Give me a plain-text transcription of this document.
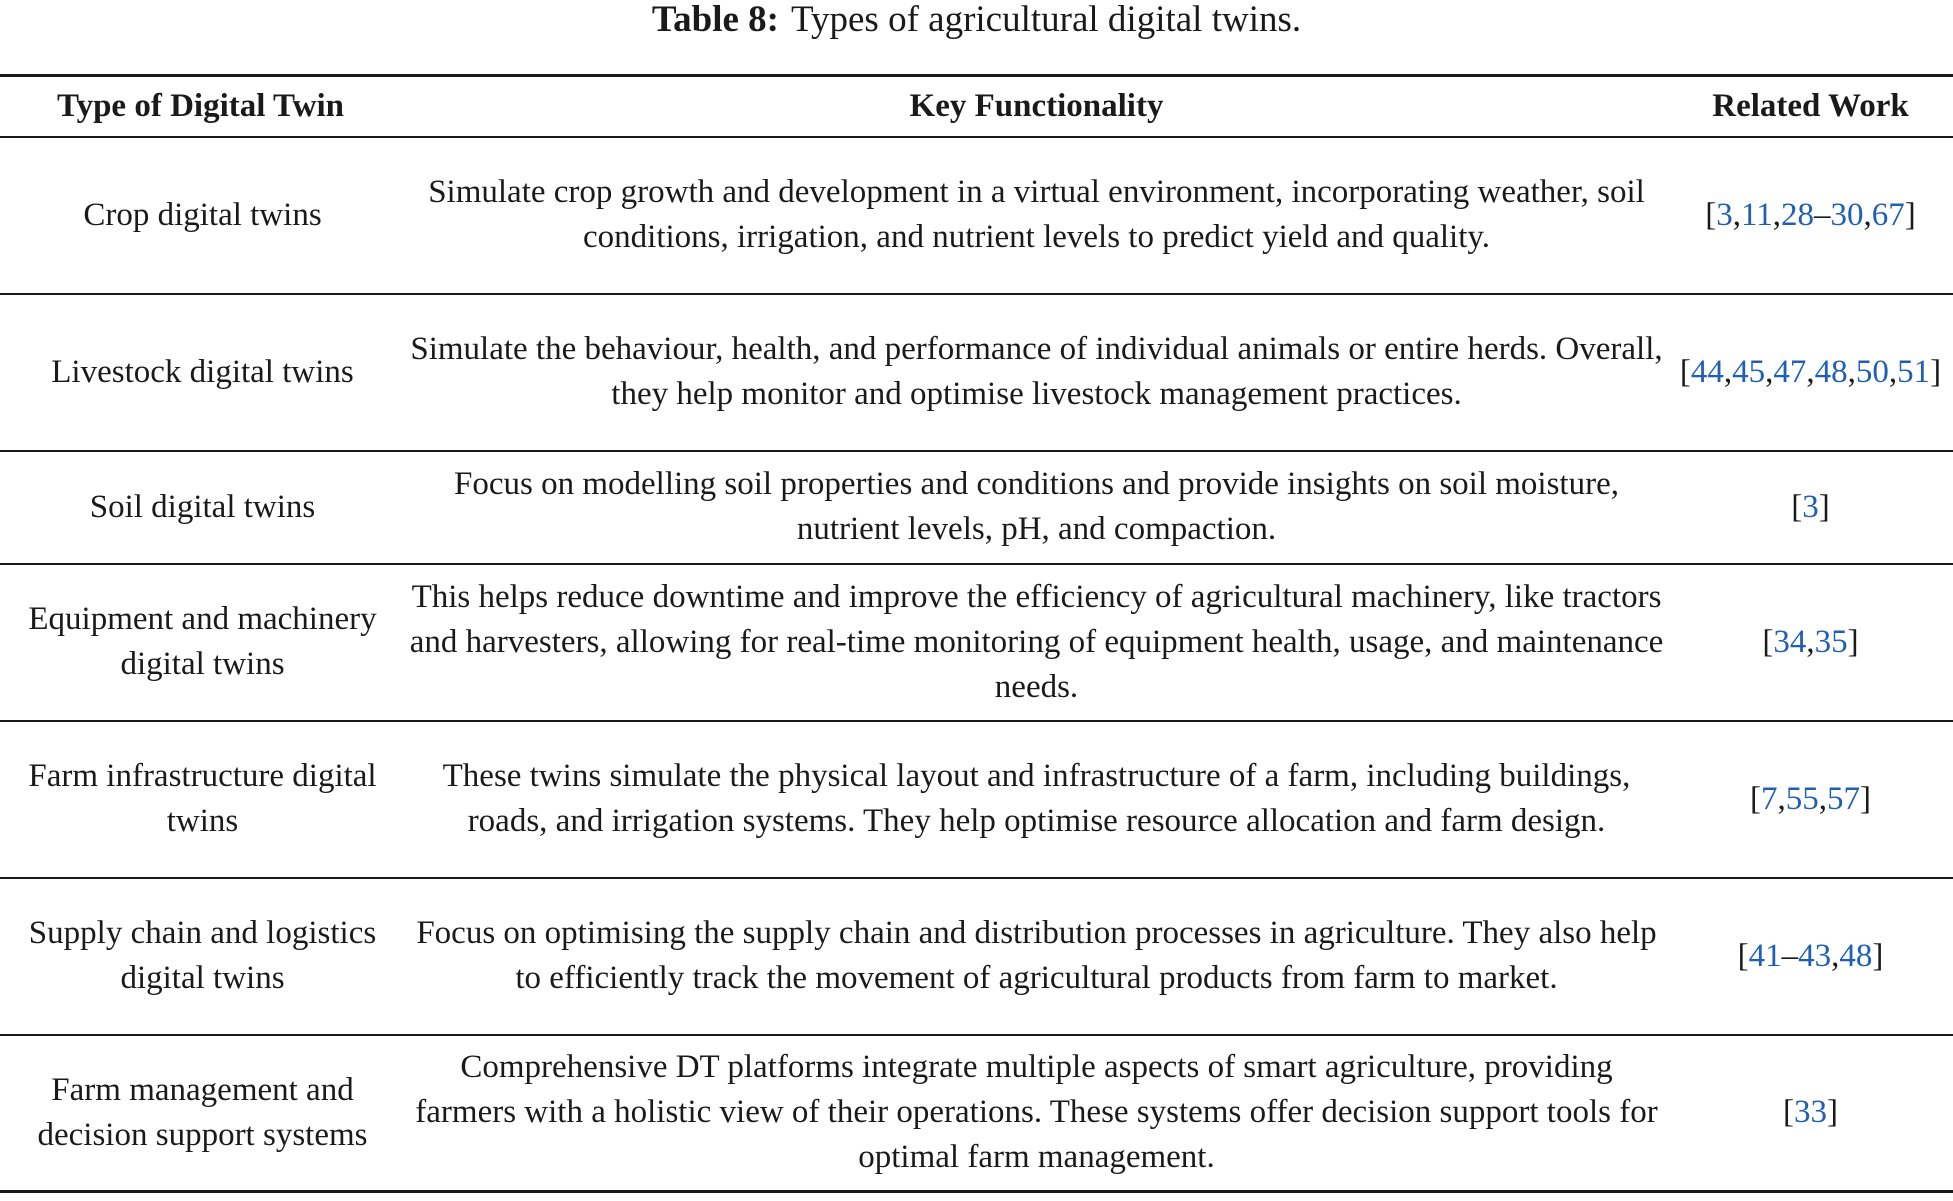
Table 8: Types of agricultural digital twins.
Type of Digital Twin	Key Functionality	Related Work
Crop digital twins	Simulate crop growth and development in a virtual environment, incorporating weather, soil conditions, irrigation, and nutrient levels to predict yield and quality.	[3,11,28–30,67]
Livestock digital twins	Simulate the behaviour, health, and performance of individual animals or entire herds. Overall, they help monitor and optimise livestock management practices.	[44,45,47,48,50,51]
Soil digital twins	Focus on modelling soil properties and conditions and provide insights on soil moisture, nutrient levels, pH, and compaction.	[3]
Equipment and machinery digital twins	This helps reduce downtime and improve the efficiency of agricultural machinery, like tractors and harvesters, allowing for real-time monitoring of equipment health, usage, and maintenance needs.	[34,35]
Farm infrastructure digital twins	These twins simulate the physical layout and infrastructure of a farm, including buildings, roads, and irrigation systems. They help optimise resource allocation and farm design.	[7,55,57]
Supply chain and logistics digital twins	Focus on optimising the supply chain and distribution processes in agriculture. They also help to efficiently track the movement of agricultural products from farm to market.	[41–43,48]
Farm management and decision support systems	Comprehensive DT platforms integrate multiple aspects of smart agriculture, providing farmers with a holistic view of their operations. These systems offer decision support tools for optimal farm management.	[33]
